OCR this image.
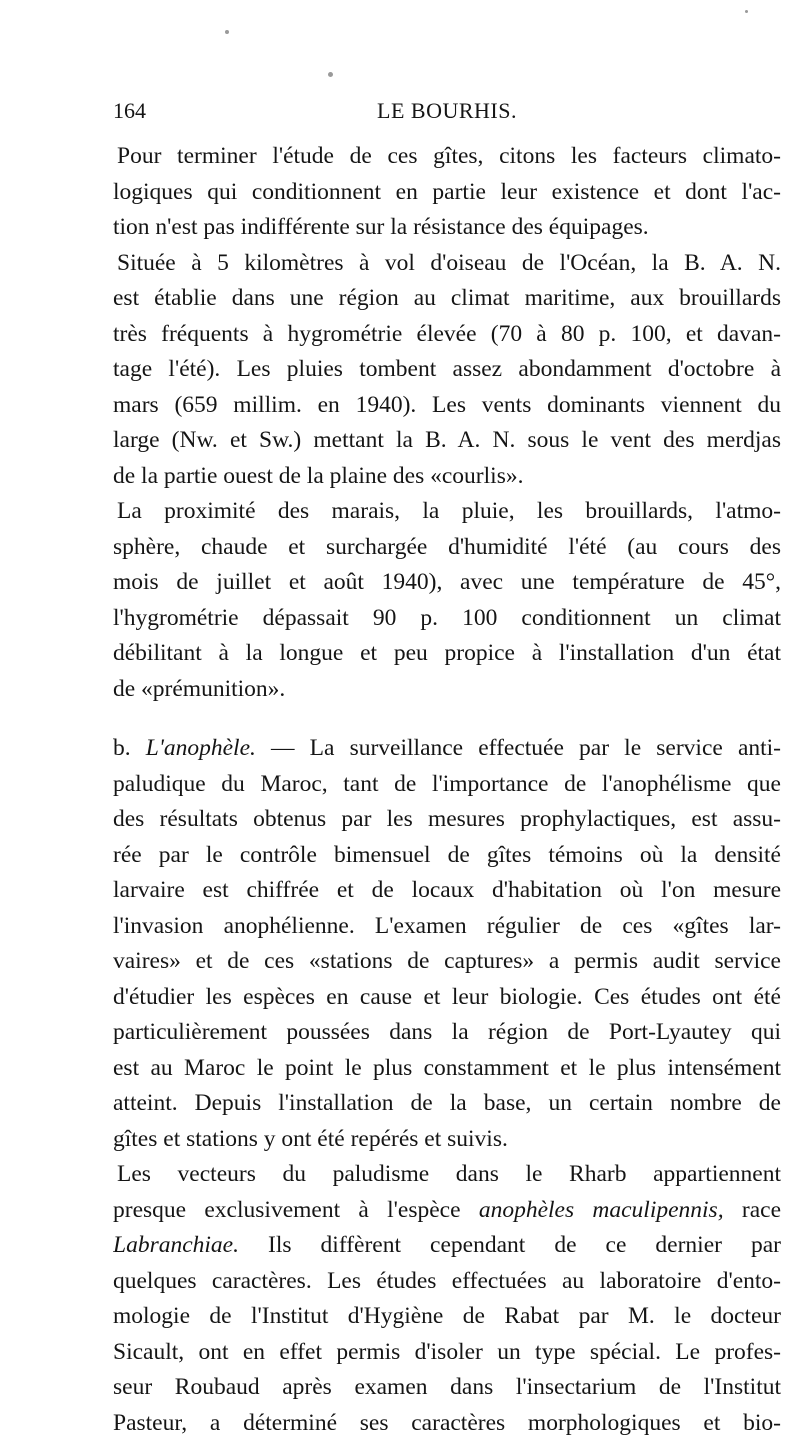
164	LE BOURHIS.
Pour terminer l'étude de ces gîtes, citons les facteurs climato-
logiques qui conditionnent en partie leur existence et dont l'ac-
tion n'est pas indifférente sur la résistance des équipages.
Située à 5 kilomètres à vol d'oiseau de l'Océan, la B. A. N.
est établie dans une région au climat maritime, aux brouillards
très fréquents à hygrométrie élevée (70 à 80 p. 100, et davan-
tage l'été). Les pluies tombent assez abondamment d'octobre à
mars (659 millim. en 1940). Les vents dominants viennent du
large (Nw. et Sw.) mettant la B. A. N. sous le vent des merdjas
de la partie ouest de la plaine des «courlis».
La proximité des marais, la pluie, les brouillards, l'atmo-
sphère, chaude et surchargée d'humidité l'été (au cours des
mois de juillet et août 1940), avec une température de 45°,
l'hygrométrie dépassait 90 p. 100 conditionnent un climat
débilitant à la longue et peu propice à l'installation d'un état
de «prémunition».
b. L'anophèle. — La surveillance effectuée par le service anti-
paludique du Maroc, tant de l'importance de l'anophélisme que
des résultats obtenus par les mesures prophylactiques, est assu-
rée par le contrôle bimensuel de gîtes témoins où la densité
larvaire est chiffrée et de locaux d'habitation où l'on mesure
l'invasion anophélienne. L'examen régulier de ces «gîtes lar-
vaires» et de ces «stations de captures» a permis audit service
d'étudier les espèces en cause et leur biologie. Ces études ont été
particulièrement poussées dans la région de Port-Lyautey qui
est au Maroc le point le plus constamment et le plus intensément
atteint. Depuis l'installation de la base, un certain nombre de
gîtes et stations y ont été repérés et suivis.
Les vecteurs du paludisme dans le Rharb appartiennent
presque exclusivement à l'espèce anophèles maculipennis, race
Labranchiae. Ils diffèrent cependant de ce dernier par
quelques caractères. Les études effectuées au laboratoire d'ento-
mologie de l'Institut d'Hygiène de Rabat par M. le docteur
Sicault, ont en effet permis d'isoler un type spécial. Le profes-
seur Roubaud après examen dans l'insectarium de l'Institut
Pasteur, a déterminé ses caractères morphologiques et bio-
